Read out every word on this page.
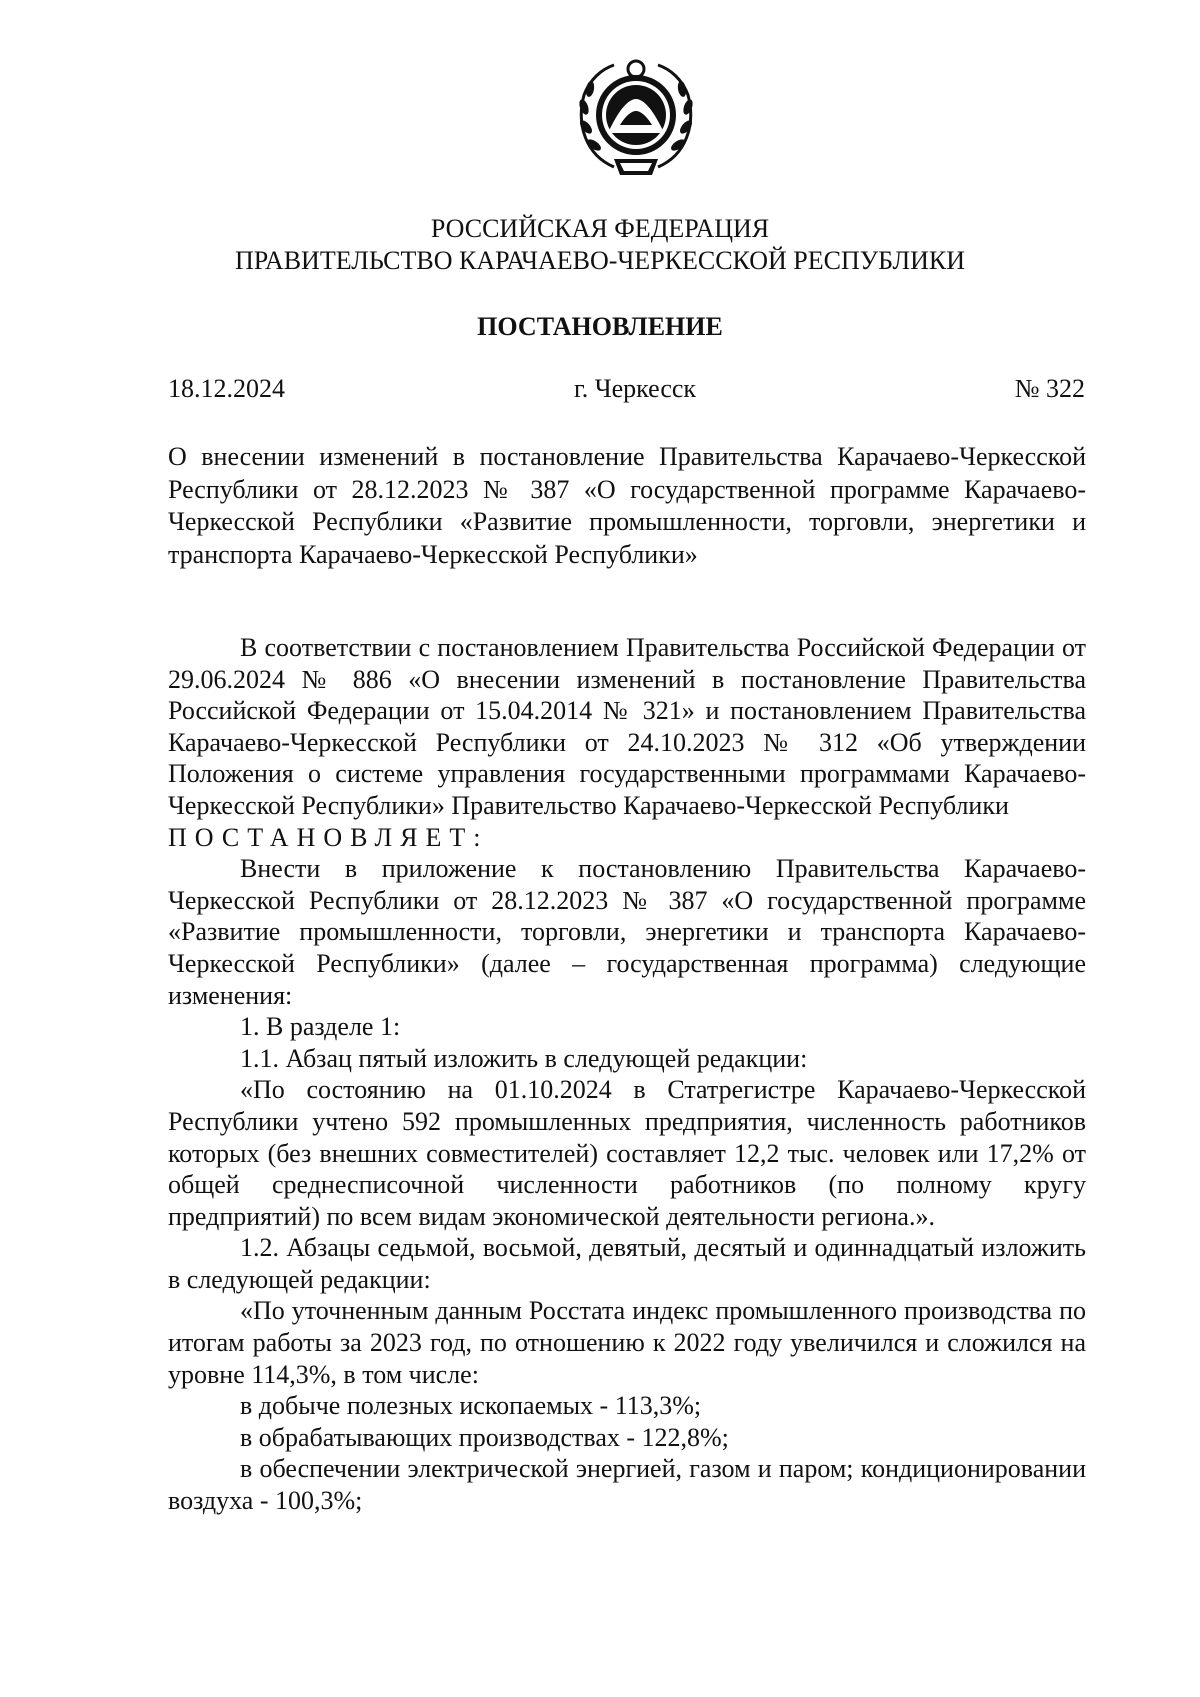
РОССИЙСКАЯ ФЕДЕРАЦИЯ
ПРАВИТЕЛЬСТВО КАРАЧАЕВО-ЧЕРКЕССКОЙ РЕСПУБЛИКИ
ПОСТАНОВЛЕНИЕ
18.12.2024	г. Черкесск	№ 322
О внесении изменений в постановление Правительства Карачаево-Черкесской Республики от 28.12.2023 № 387 «О государственной программе Карачаево-Черкесской Республики «Развитие промышленности, торговли, энергетики и транспорта Карачаево-Черкесской Республики»

В соответствии с постановлением Правительства Российской Федерации от 29.06.2024 № 886 «О внесении изменений в постановление Правительства Российской Федерации от 15.04.2014 № 321» и постановлением Правительства Карачаево-Черкесской Республики от 24.10.2023 № 312 «Об утверждении Положения о системе управления государственными программами Карачаево-Черкесской Республики» Правительство Карачаево-Черкесской Республики

ПОСТАНОВЛЯЕТ:

Внести в приложение к постановлению Правительства Карачаево-Черкесской Республики от 28.12.2023 № 387 «О государственной программе «Развитие промышленности, торговли, энергетики и транспорта Карачаево-Черкесской Республики» (далее – государственная программа) следующие изменения:

1. В разделе 1:

1.1. Абзац пятый изложить в следующей редакции:

«По состоянию на 01.10.2024 в Статрегистре Карачаево-Черкесской Республики учтено 592 промышленных предприятия, численность работников которых (без внешних совместителей) составляет 12,2 тыс. человек или 17,2% от общей среднесписочной численности работников (по полному кругу предприятий) по всем видам экономической деятельности региона.».

1.2. Абзацы седьмой, восьмой, девятый, десятый и одиннадцатый изложить в следующей редакции:

«По уточненным данным Росстата индекс промышленного производства по итогам работы за 2023 год, по отношению к 2022 году увеличился и сложился на уровне 114,3%, в том числе:

в добыче полезных ископаемых - 113,3%;

в обрабатывающих производствах - 122,8%;

в обеспечении электрической энергией, газом и паром; кондиционировании воздуха - 100,3%;
